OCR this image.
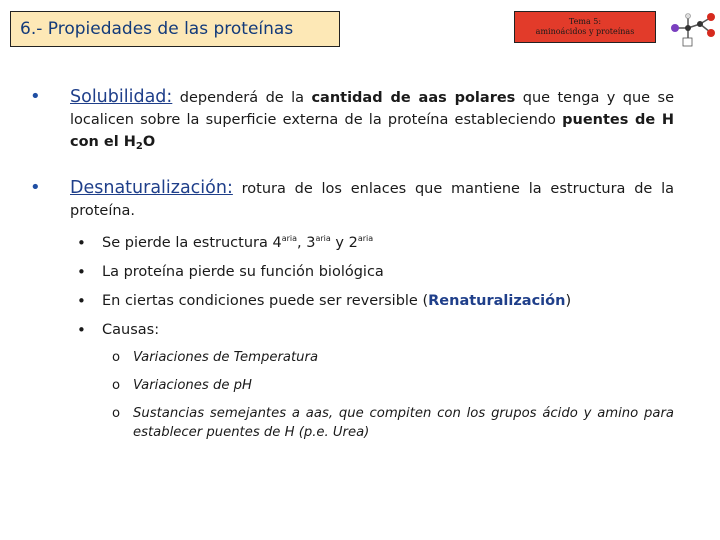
6.- Propiedades de las proteínas	Tema 5:
aminoácidos y proteínas
•	Solubilidad: dependerá de la cantidad de aas polares que tenga y que se localicen sobre la superficie externa de la proteína estableciendo puentes de H con el $H_2O$
•	Desnaturalización: rotura de los enlaces que mantiene la estructura de la proteína.
•	Se pierde la estructura $4^{aria}$, $3^{aria}$ y $2^{aria}$
•	La proteína pierde su función biológica
•	En ciertas condiciones puede ser reversible (Renaturalización)
•	Causas:
o Variaciones de Temperatura
o Variaciones de pH
o Sustancias semejantes a aas, que compiten con los grupos ácido y amino para establecer puentes de H (p.e. Urea)
